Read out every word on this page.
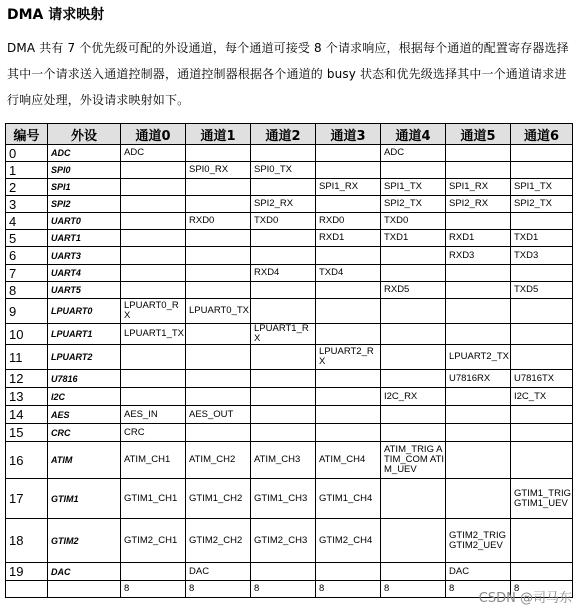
DMA 请求映射

DMA 共有 7 个优先级可配的外设通道，每个通道可接受 8 个请求响应，根据每个通道的配置寄存器选择其中一个请求送入通道控制器，通道控制器根据各个通道的 busy 状态和优先级选择其中一个通道请求进行响应处理，外设请求映射如下。

编号	外设	通道0	通道1	通道2	通道3	通道4	通道5	通道6
0	ADC	ADC				ADC		
1	SPI0		SPI0_RX	SPI0_TX				
2	SPI1				SPI1_RX	SPI1_TX	SPI1_RX	SPI1_TX
3	SPI2			SPI2_RX		SPI2_TX	SPI2_RX	SPI2_TX
4	UART0		RXD0	TXD0	RXD0	TXD0		
5	UART1				RXD1	TXD1	RXD1	TXD1
6	UART3						RXD3	TXD3
7	UART4			RXD4	TXD4			
8	UART5					RXD5		TXD5
9	LPUART0	LPUART0_RX	LPUART0_TX					
10	LPUART1	LPUART1_TX		LPUART1_RX				
11	LPUART2				LPUART2_RX		LPUART2_TX	
12	U7816						U7816RX	U7816TX
13	I2C					I2C_RX		I2C_TX
14	AES	AES_IN	AES_OUT					
15	CRC	CRC						
16	ATIM	ATIM_CH1	ATIM_CH2	ATIM_CH3	ATIM_CH4	ATIM_TRIG ATIM_COM ATIM_UEV		
17	GTIM1	GTIM1_CH1	GTIM1_CH2	GTIM1_CH3	GTIM1_CH4			GTIM1_TRIG GTIM1_UEV
18	GTIM2	GTIM2_CH1	GTIM2_CH2	GTIM2_CH3	GTIM2_CH4		GTIM2_TRIG GTIM2_UEV	
19	DAC		DAC				DAC	
		8	8	8	8	8	8	8
CSDN @司马东
